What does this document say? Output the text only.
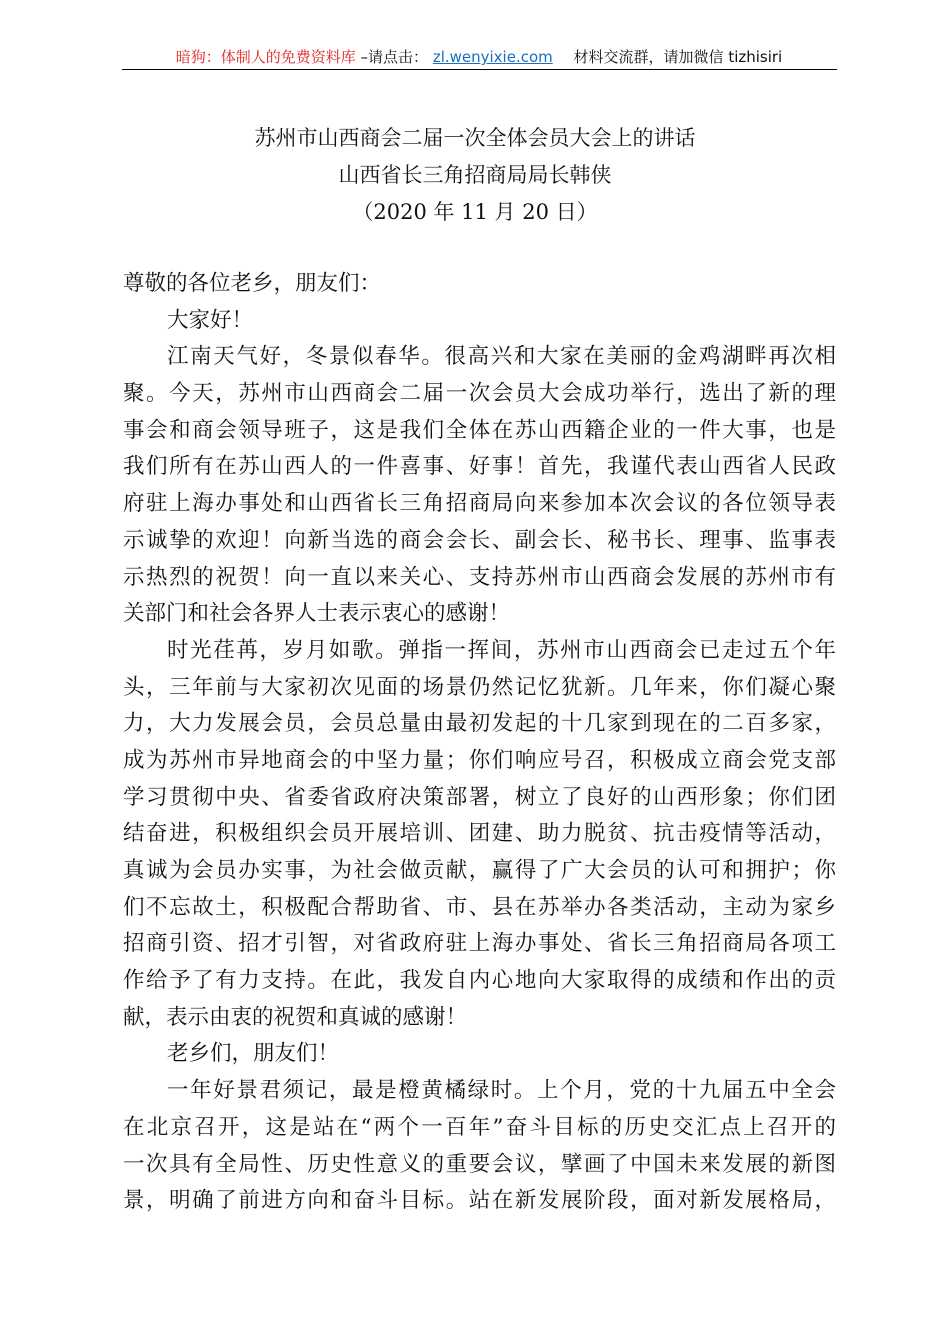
暗狗：体制人的免费资料库 –请点击： zl.wenyixie.com 材料交流群，请加微信 tizhisiri
苏州市山西商会二届一次全体会员大会上的讲话
山西省长三角招商局局长韩侠
（2020 年 11 月 20 日）
尊敬的各位老乡，朋友们：
大家好！
江南天气好，冬景似春华。很高兴和大家在美丽的金鸡湖畔再次相
聚。今天，苏州市山西商会二届一次会员大会成功举行，选出了新的理
事会和商会领导班子，这是我们全体在苏山西籍企业的一件大事，也是
我们所有在苏山西人的一件喜事、好事！首先，我谨代表山西省人民政
府驻上海办事处和山西省长三角招商局向来参加本次会议的各位领导表
示诚挚的欢迎！向新当选的商会会长、副会长、秘书长、理事、监事表
示热烈的祝贺！向一直以来关心、支持苏州市山西商会发展的苏州市有
关部门和社会各界人士表示衷心的感谢！
时光荏苒，岁月如歌。弹指一挥间，苏州市山西商会已走过五个年
头，三年前与大家初次见面的场景仍然记忆犹新。几年来，你们凝心聚
力，大力发展会员，会员总量由最初发起的十几家到现在的二百多家，
成为苏州市异地商会的中坚力量；你们响应号召，积极成立商会党支部
学习贯彻中央、省委省政府决策部署，树立了良好的山西形象；你们团
结奋进，积极组织会员开展培训、团建、助力脱贫、抗击疫情等活动，
真诚为会员办实事，为社会做贡献，赢得了广大会员的认可和拥护；你
们不忘故土，积极配合帮助省、市、县在苏举办各类活动，主动为家乡
招商引资、招才引智，对省政府驻上海办事处、省长三角招商局各项工
作给予了有力支持。在此，我发自内心地向大家取得的成绩和作出的贡
献，表示由衷的祝贺和真诚的感谢！
老乡们，朋友们！
一年好景君须记，最是橙黄橘绿时。上个月，党的十九届五中全会
在北京召开，这是站在“两个一百年”奋斗目标的历史交汇点上召开的
一次具有全局性、历史性意义的重要会议，擘画了中国未来发展的新图
景，明确了前进方向和奋斗目标。站在新发展阶段，面对新发展格局，
